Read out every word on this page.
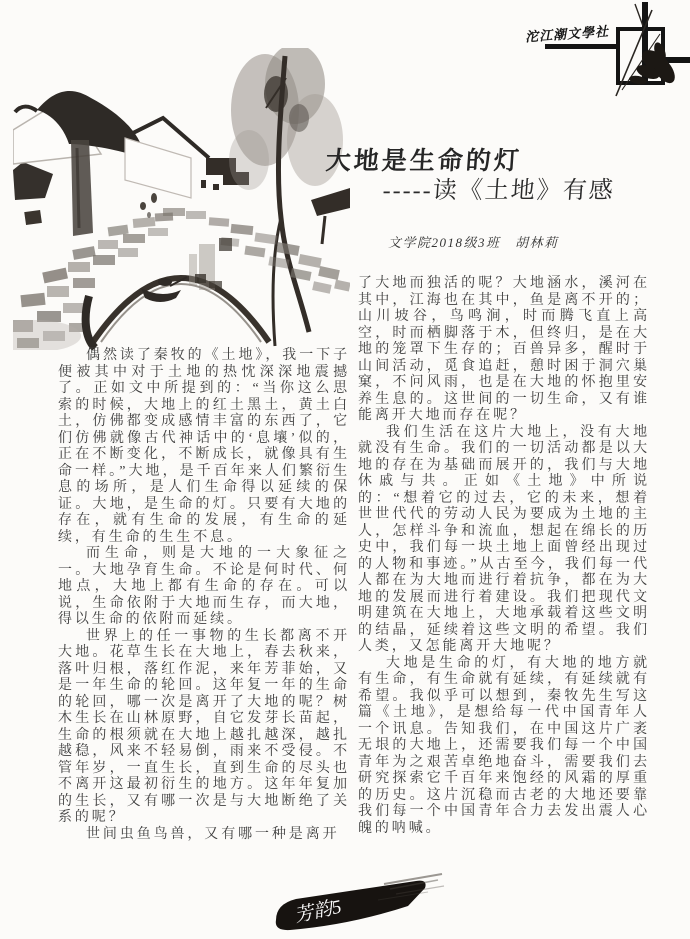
沱江潮文學社
大地是生命的灯
-----读《土地》有感
文学院2018级3班　胡林莉

偶然读了秦牧的《土地》，我一下子便被其中对于土地的热忱深深地震撼了。正如文中所提到的：“当你这么思索的时候，大地上的红土黑土，黄土白土，仿佛都变成感情丰富的东西了，它们仿佛就像古代神话中的‘息壤’似的，正在不断变化，不断成长，就像具有生命一样。”大地，是千百年来人们繁衍生息的场所，是人们生命得以延续的保证。大地，是生命的灯。只要有大地的存在，就有生命的发展，有生命的延续，有生命的生生不息。

而生命，则是大地的一大象征之一。大地孕育生命。不论是何时代、何地点，大地上都有生命的存在。可以说，生命依附于大地而生存，而大地，得以生命的依附而延续。

世界上的任一事物的生长都离不开大地。花草生长在大地上，春去秋来，落叶归根，落红作泥，来年芳菲始，又是一年生命的轮回。这年复一年的生命的轮回，哪一次是离开了大地的呢？树木生长在山林原野，自它发芽长苗起，生命的根须就在大地上越扎越深，越扎越稳，风来不轻易倒，雨来不受侵。不管年岁，一直生长，直到生命的尽头也不离开这最初衍生的地方。这年年复加的生长，又有哪一次是与大地断绝了关系的呢？

世间虫鱼鸟兽，又有哪一种是离开

了大地而独活的呢？大地涵水，溪河在其中，江海也在其中，鱼是离不开的；山川坡谷，鸟鸣涧，时而腾飞直上高空，时而栖脚落于木，但终归，是在大地的笼罩下生存的；百兽异多，醒时于山间活动，觅食追赶，憩时困于洞穴巢窠，不问风雨，也是在大地的怀抱里安养生息的。这世间的一切生命，又有谁能离开大地而存在呢？

我们生活在这片大地上，没有大地就没有生命。我们的一切活动都是以大地的存在为基础而展开的，我们与大地休戚与共。正如《土地》中所说的：“想着它的过去，它的未来，想着世世代代的劳动人民为要成为土地的主人，怎样斗争和流血，想起在绵长的历史中，我们每一块土地上面曾经出现过的人物和事迹。”从古至今，我们每一代人都在为大地而进行着抗争，都在为大地的发展而进行着建设。我们把现代文明建筑在大地上，大地承载着这些文明的结晶，延续着这些文明的希望。我们人类，又怎能离开大地呢？

大地是生命的灯，有大地的地方就有生命，有生命就有延续，有延续就有希望。我似乎可以想到，秦牧先生写这篇《土地》，是想给每一代中国青年人一个讯息。告知我们，在中国这片广袤无垠的大地上，还需要我们每一个中国青年为之艰苦卓绝地奋斗，需要我们去研究探索它千百年来饱经的风霜的厚重的历史。这片沉稳而古老的大地还要靠我们每一个中国青年合力去发出震人心魄的呐喊。

芳韵5
